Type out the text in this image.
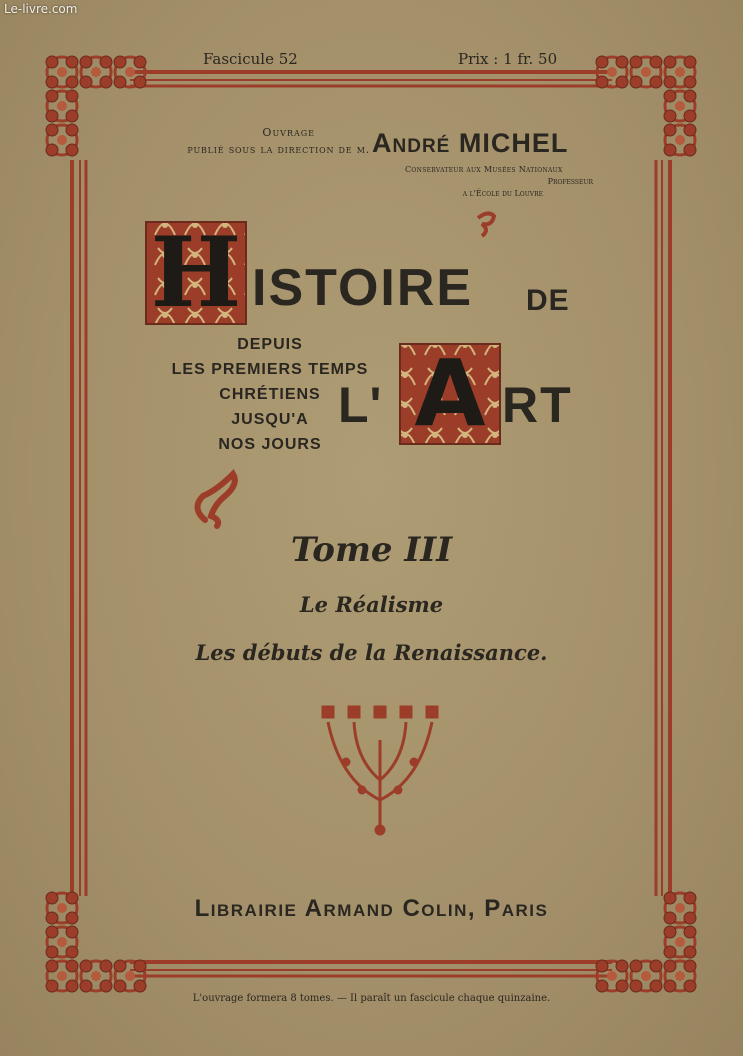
Le-livre.com
Fascicule 52	Prix : 1 fr. 50
Ouvrage
publié sous la direction de m. André MICHEL
Conservateur aux Musées Nationaux
Professeur
a l'École du Louvre
H ISTOIRE DE
DEPUIS
LES PREMIERS TEMPS
CHRÉTIENS
JUSQU'A
NOS JOURS
L' A RT
Tome III
Le Réalisme
Les débuts de la Renaissance.
Librairie Armand Colin, Paris
L'ouvrage formera 8 tomes. — Il paraît un fascicule chaque quinzaine.
